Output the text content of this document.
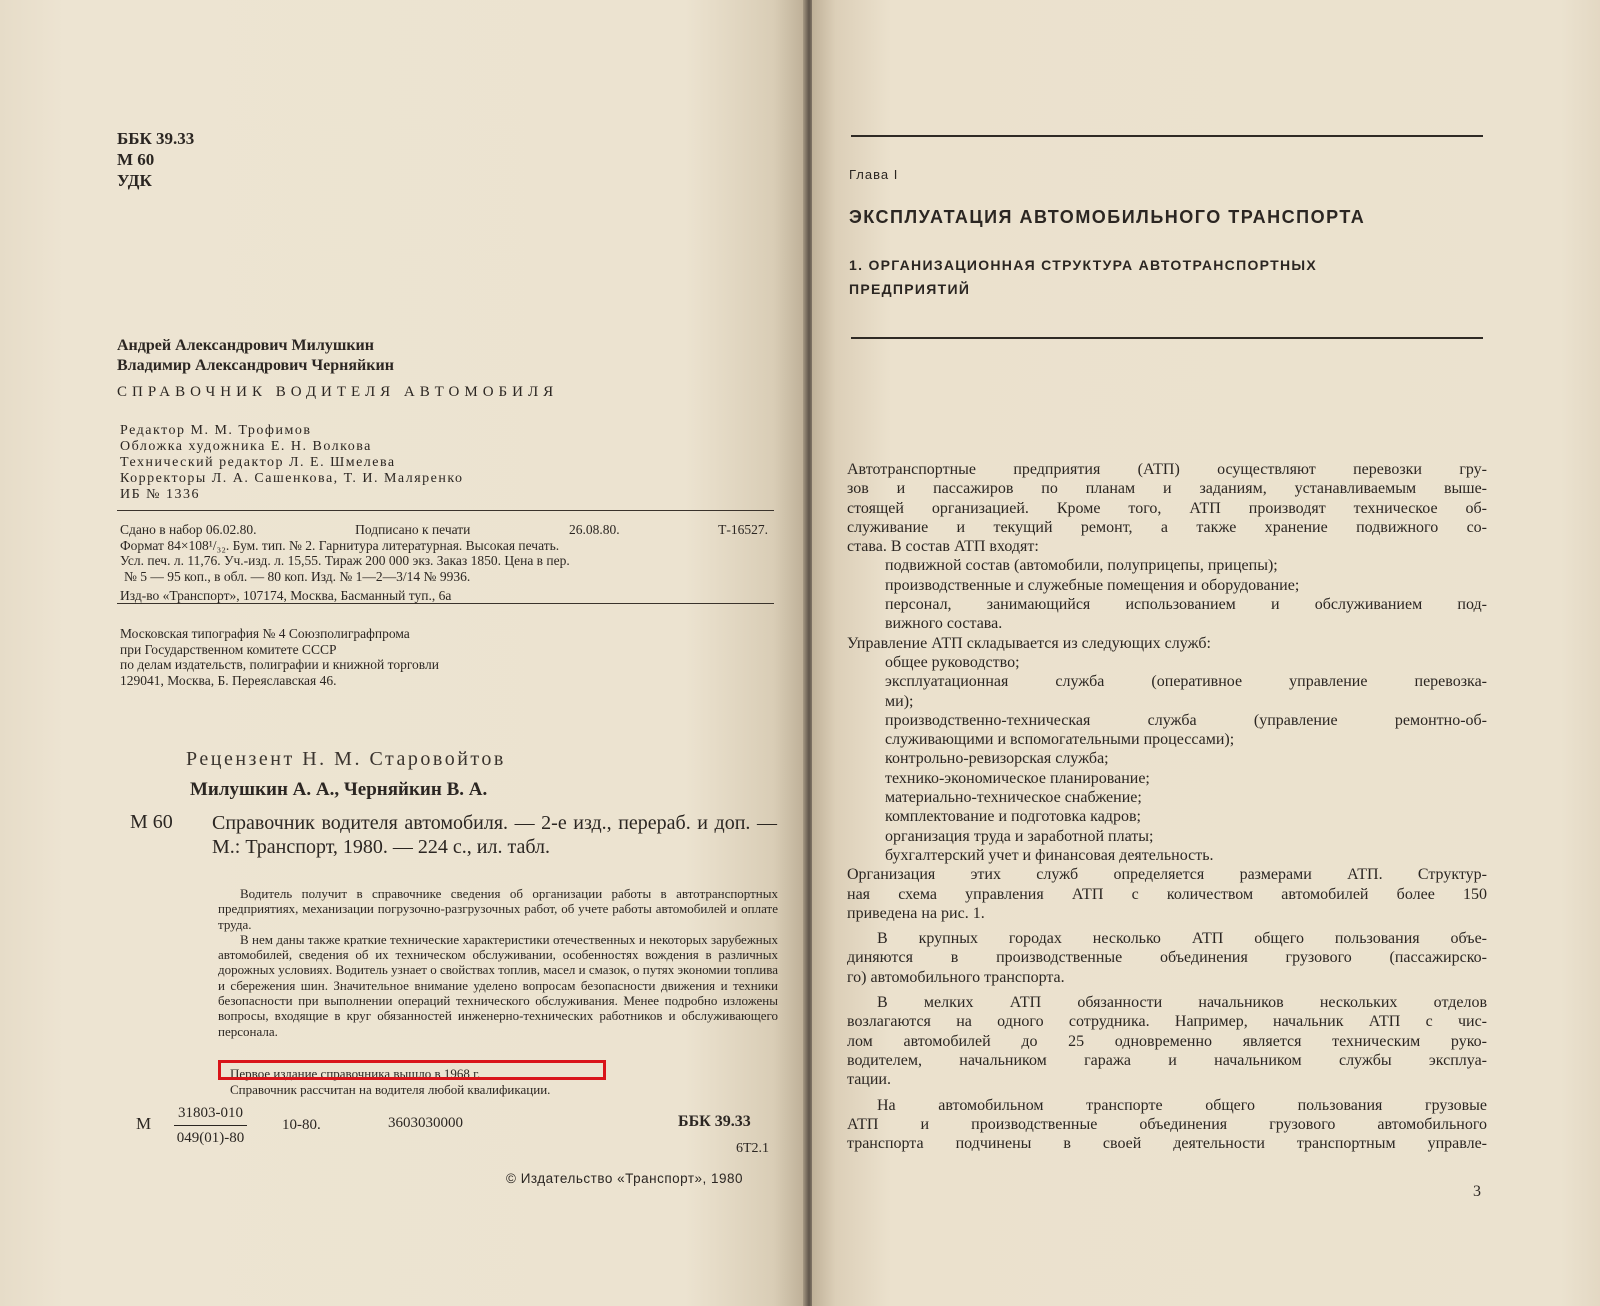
ББК 39.33
М 60
УДК
Андрей Александрович Милушкин
Владимир Александрович Черняйкин
СПРАВОЧНИК ВОДИТЕЛЯ АВТОМОБИЛЯ
Редактор М. М. Трофимов
Обложка художника Е. Н. Волкова
Технический редактор Л. Е. Шмелева
Корректоры Л. А. Сашенкова, Т. И. Маляренко
ИБ № 1336
Сдано в набор 06.02.80.	Подписано к печати	26.08.80.	Т-16527.
Формат 84×108¹/₃₂. Бум. тип. № 2. Гарнитура литературная. Высокая печать.
Усл. печ. л. 11,76. Уч.-изд. л. 15,55. Тираж 200 000 экз. Заказ 1850. Цена в пер.
№ 5 — 95 коп., в обл. — 80 коп. Изд. № 1—2—3/14 № 9936.
Изд-во «Транспорт», 107174, Москва, Басманный туп., 6а
Московская типография № 4 Союзполиграфпрома
при Государственном комитете СССР
по делам издательств, полиграфии и книжной торговли
129041, Москва, Б. Переяславская 46.
Рецензент Н. М. Старовойтов
Милушкин А. А., Черняйкин В. А.
М 60 Справочник водителя автомобиля. — 2-е изд., перераб. и доп. — М.: Транспорт, 1980. — 224 с., ил. табл.

Водитель получит в справочнике сведения об организации работы в автотранспортных предприятиях, механизации погрузочно-разгрузочных работ, об учете работы автомобилей и оплате труда.

В нем даны также краткие технические характеристики отечественных и некоторых зарубежных автомобилей, сведения об их техническом обслуживании, особенностях вождения в различных дорожных условиях. Водитель узнает о свойствах топлив, масел и смазок, о путях экономии топлива и сбережения шин. Значительное внимание уделено вопросам безопасности движения и техники безопасности при выполнении операций технического обслуживания. Менее подробно изложены вопросы, входящие в круг обязанностей инженерно-технических работников и обслуживающего персонала.

Первое издание справочника вышло в 1968 г.
Справочник рассчитан на водителя любой квалификации.
М $\frac{31803-010}{049(01)-80} 10-80$.	3603030000	ББК 39.33
6Т2.1
© Издательство «Транспорт», 1980
Глава I
ЭКСПЛУАТАЦИЯ АВТОМОБИЛЬНОГО ТРАНСПОРТА
1. ОРГАНИЗАЦИОННАЯ СТРУКТУРА АВТОТРАНСПОРТНЫХ
ПРЕДПРИЯТИЙ
Автотранспортные предприятия (АТП) осуществляют перевозки гру-
зов и пассажиров по планам и заданиям, устанавливаемым выше-
стоящей организацией. Кроме того, АТП производят техническое об-
служивание и текущий ремонт, а также хранение подвижного со-
става. В состав АТП входят:
подвижной состав (автомобили, полуприцепы, прицепы);
производственные и служебные помещения и оборудование;
персонал, занимающийся использованием и обслуживанием под-
вижного состава.
Управление АТП складывается из следующих служб:
общее руководство;
эксплуатационная служба (оперативное управление перевозка-
ми);
производственно-техническая служба (управление ремонтно-об-
служивающими и вспомогательными процессами);
контрольно-ревизорская служба;
технико-экономическое планирование;
материально-техническое снабжение;
комплектование и подготовка кадров;
организация труда и заработной платы;
бухгалтерский учет и финансовая деятельность.
Организация этих служб определяется размерами АТП. Структур-
ная схема управления АТП с количеством автомобилей более 150
приведена на рис. 1.
В крупных городах несколько АТП общего пользования объе-
диняются в производственные объединения грузового (пассажирско-
го) автомобильного транспорта.
В мелких АТП обязанности начальников нескольких отделов
возлагаются на одного сотрудника. Например, начальник АТП с чис-
лом автомобилей до 25 одновременно является техническим руко-
водителем, начальником гаража и начальником службы эксплуа-
тации.
На автомобильном транспорте общего пользования грузовые
АТП и производственные объединения грузового автомобильного
транспорта подчинены в своей деятельности транспортным управле-
3
